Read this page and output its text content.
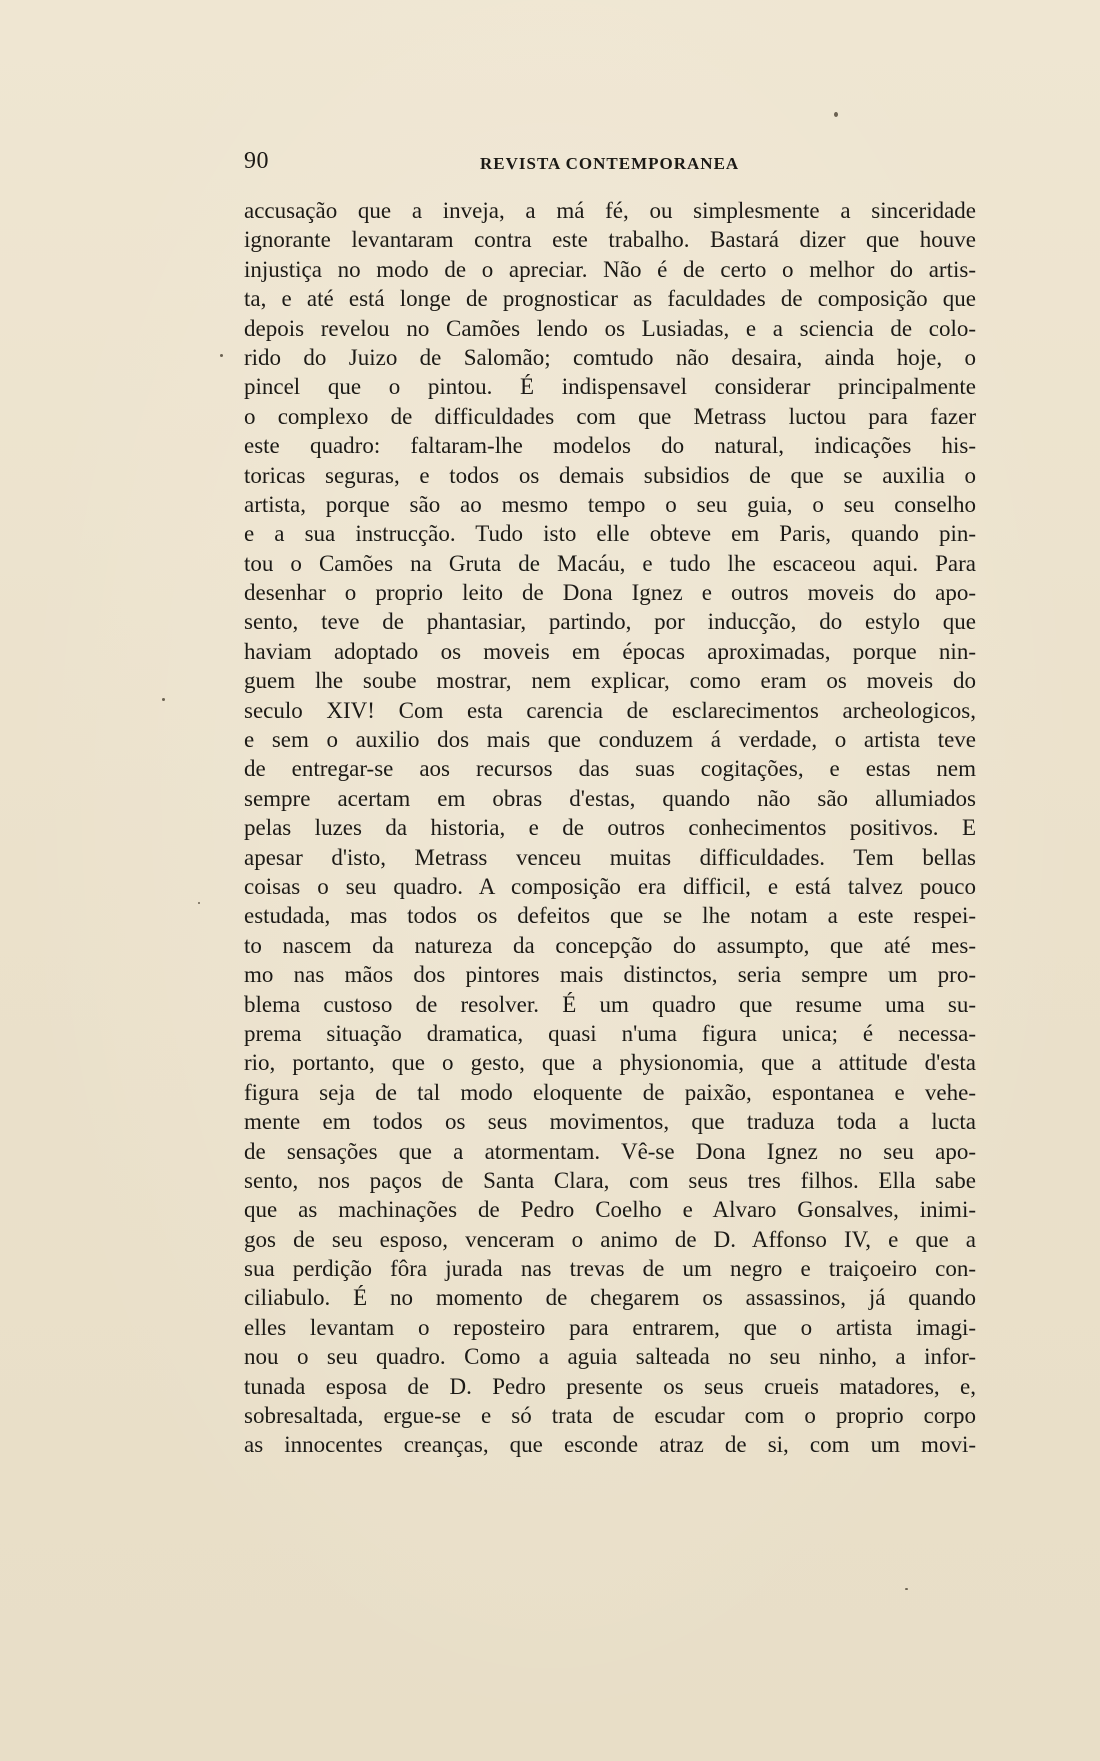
90	REVISTA CONTEMPORANEA
accusação que a inveja, a má fé, ou simplesmente a sinceridade
ignorante levantaram contra este trabalho. Bastará dizer que houve
injustiça no modo de o apreciar. Não é de certo o melhor do artis-
ta, e até está longe de prognosticar as faculdades de composição que
depois revelou no Camões lendo os Lusiadas, e a sciencia de colo-
rido do Juizo de Salomão; comtudo não desaira, ainda hoje, o
pincel que o pintou. É indispensavel considerar principalmente
o complexo de difficuldades com que Metrass luctou para fazer
este quadro: faltaram-lhe modelos do natural, indicações his-
toricas seguras, e todos os demais subsidios de que se auxilia o
artista, porque são ao mesmo tempo o seu guia, o seu conselho
e a sua instrucção. Tudo isto elle obteve em Paris, quando pin-
tou o Camões na Gruta de Macáu, e tudo lhe escaceou aqui. Para
desenhar o proprio leito de Dona Ignez e outros moveis do apo-
sento, teve de phantasiar, partindo, por inducção, do estylo que
haviam adoptado os moveis em épocas aproximadas, porque nin-
guem lhe soube mostrar, nem explicar, como eram os moveis do
seculo XIV! Com esta carencia de esclarecimentos archeologicos,
e sem o auxilio dos mais que conduzem á verdade, o artista teve
de entregar-se aos recursos das suas cogitações, e estas nem
sempre acertam em obras d'estas, quando não são allumiados
pelas luzes da historia, e de outros conhecimentos positivos. E
apesar d'isto, Metrass venceu muitas difficuldades. Tem bellas
coisas o seu quadro. A composição era difficil, e está talvez pouco
estudada, mas todos os defeitos que se lhe notam a este respei-
to nascem da natureza da concepção do assumpto, que até mes-
mo nas mãos dos pintores mais distinctos, seria sempre um pro-
blema custoso de resolver. É um quadro que resume uma su-
prema situação dramatica, quasi n'uma figura unica; é necessa-
rio, portanto, que o gesto, que a physionomia, que a attitude d'esta
figura seja de tal modo eloquente de paixão, espontanea e vehe-
mente em todos os seus movimentos, que traduza toda a lucta
de sensações que a atormentam. Vê-se Dona Ignez no seu apo-
sento, nos paços de Santa Clara, com seus tres filhos. Ella sabe
que as machinações de Pedro Coelho e Alvaro Gonsalves, inimi-
gos de seu esposo, venceram o animo de D. Affonso IV, e que a
sua perdição fôra jurada nas trevas de um negro e traiçoeiro con-
ciliabulo. É no momento de chegarem os assassinos, já quando
elles levantam o reposteiro para entrarem, que o artista imagi-
nou o seu quadro. Como a aguia salteada no seu ninho, a infor-
tunada esposa de D. Pedro presente os seus crueis matadores, e,
sobresaltada, ergue-se e só trata de escudar com o proprio corpo
as innocentes creanças, que esconde atraz de si, com um movi-
